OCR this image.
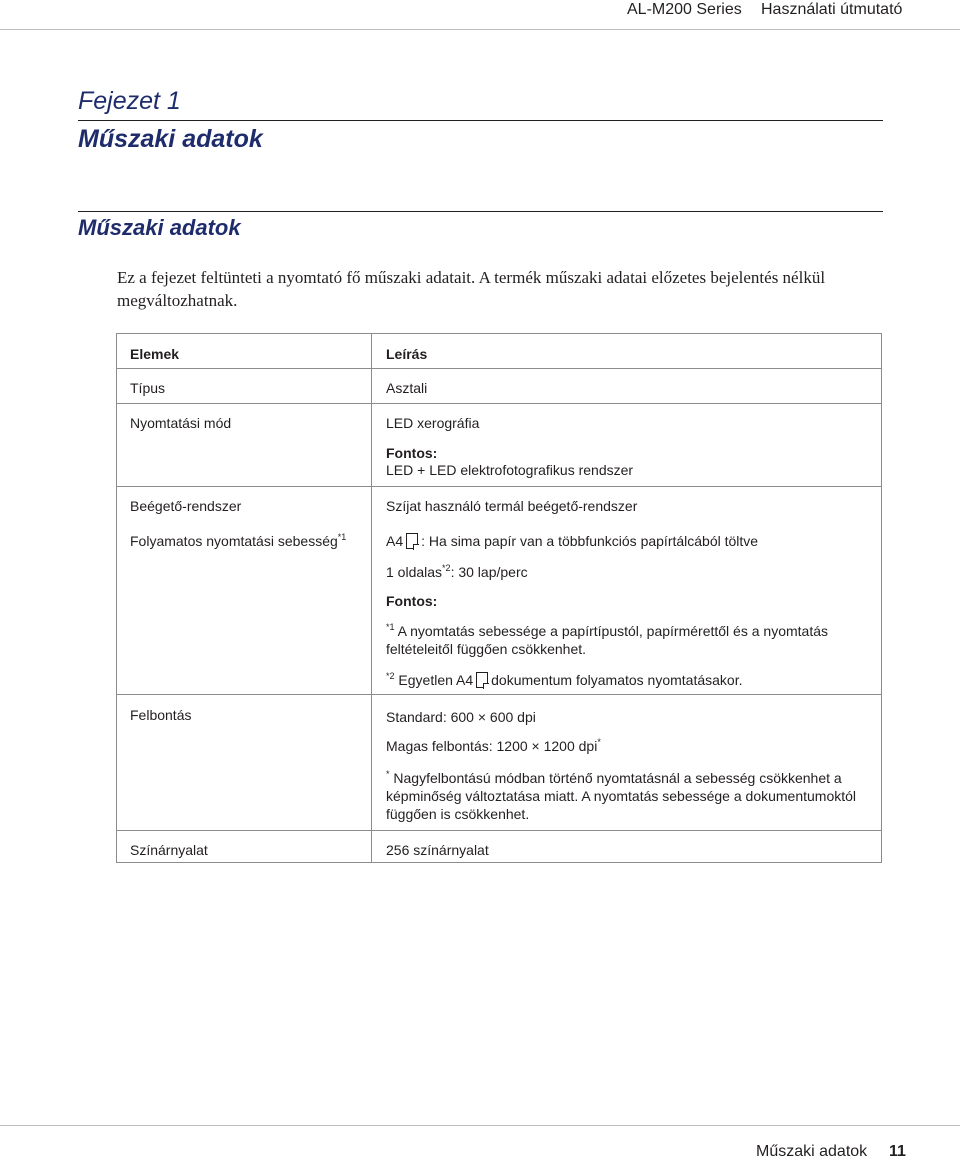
AL-M200 Series Használati útmutató
Fejezet 1
Műszaki adatok
Műszaki adatok
Ez a fejezet feltünteti a nyomtató fő műszaki adatait. A termék műszaki adatai előzetes bejelentés nélkül megváltozhatnak.
Elemek	Leírás
Típus	Asztali
Nyomtatási mód	LED xerográfia
Fontos:
LED + LED elektrofotografikus rendszer
Beégető-rendszer	Szíjat használó termál beégető-rendszer
Folyamatos nyomtatási sebesség$^{*1}$	A4 : Ha sima papír van a többfunkciós papírtálcából töltve
1 oldalas$^{*2}$: 30 lap/perc
Fontos:
$^{*1}$ A nyomtatás sebessége a papírtípustól, papírmérettől és a nyomtatás feltételeitől függően csökkenhet.
$^{*2}$ Egyetlen A4 dokumentum folyamatos nyomtatásakor.
Felbontás	Standard: 600 × 600 dpi
Magas felbontás: 1200 × 1200 dpi*
* Nagyfelbontású módban történő nyomtatásnál a sebesség csökkenhet a képminőség változtatása miatt. A nyomtatás sebessége a dokumentumoktól függően is csökkenhet.
Színárnyalat	256 színárnyalat
Műszaki adatok 11
